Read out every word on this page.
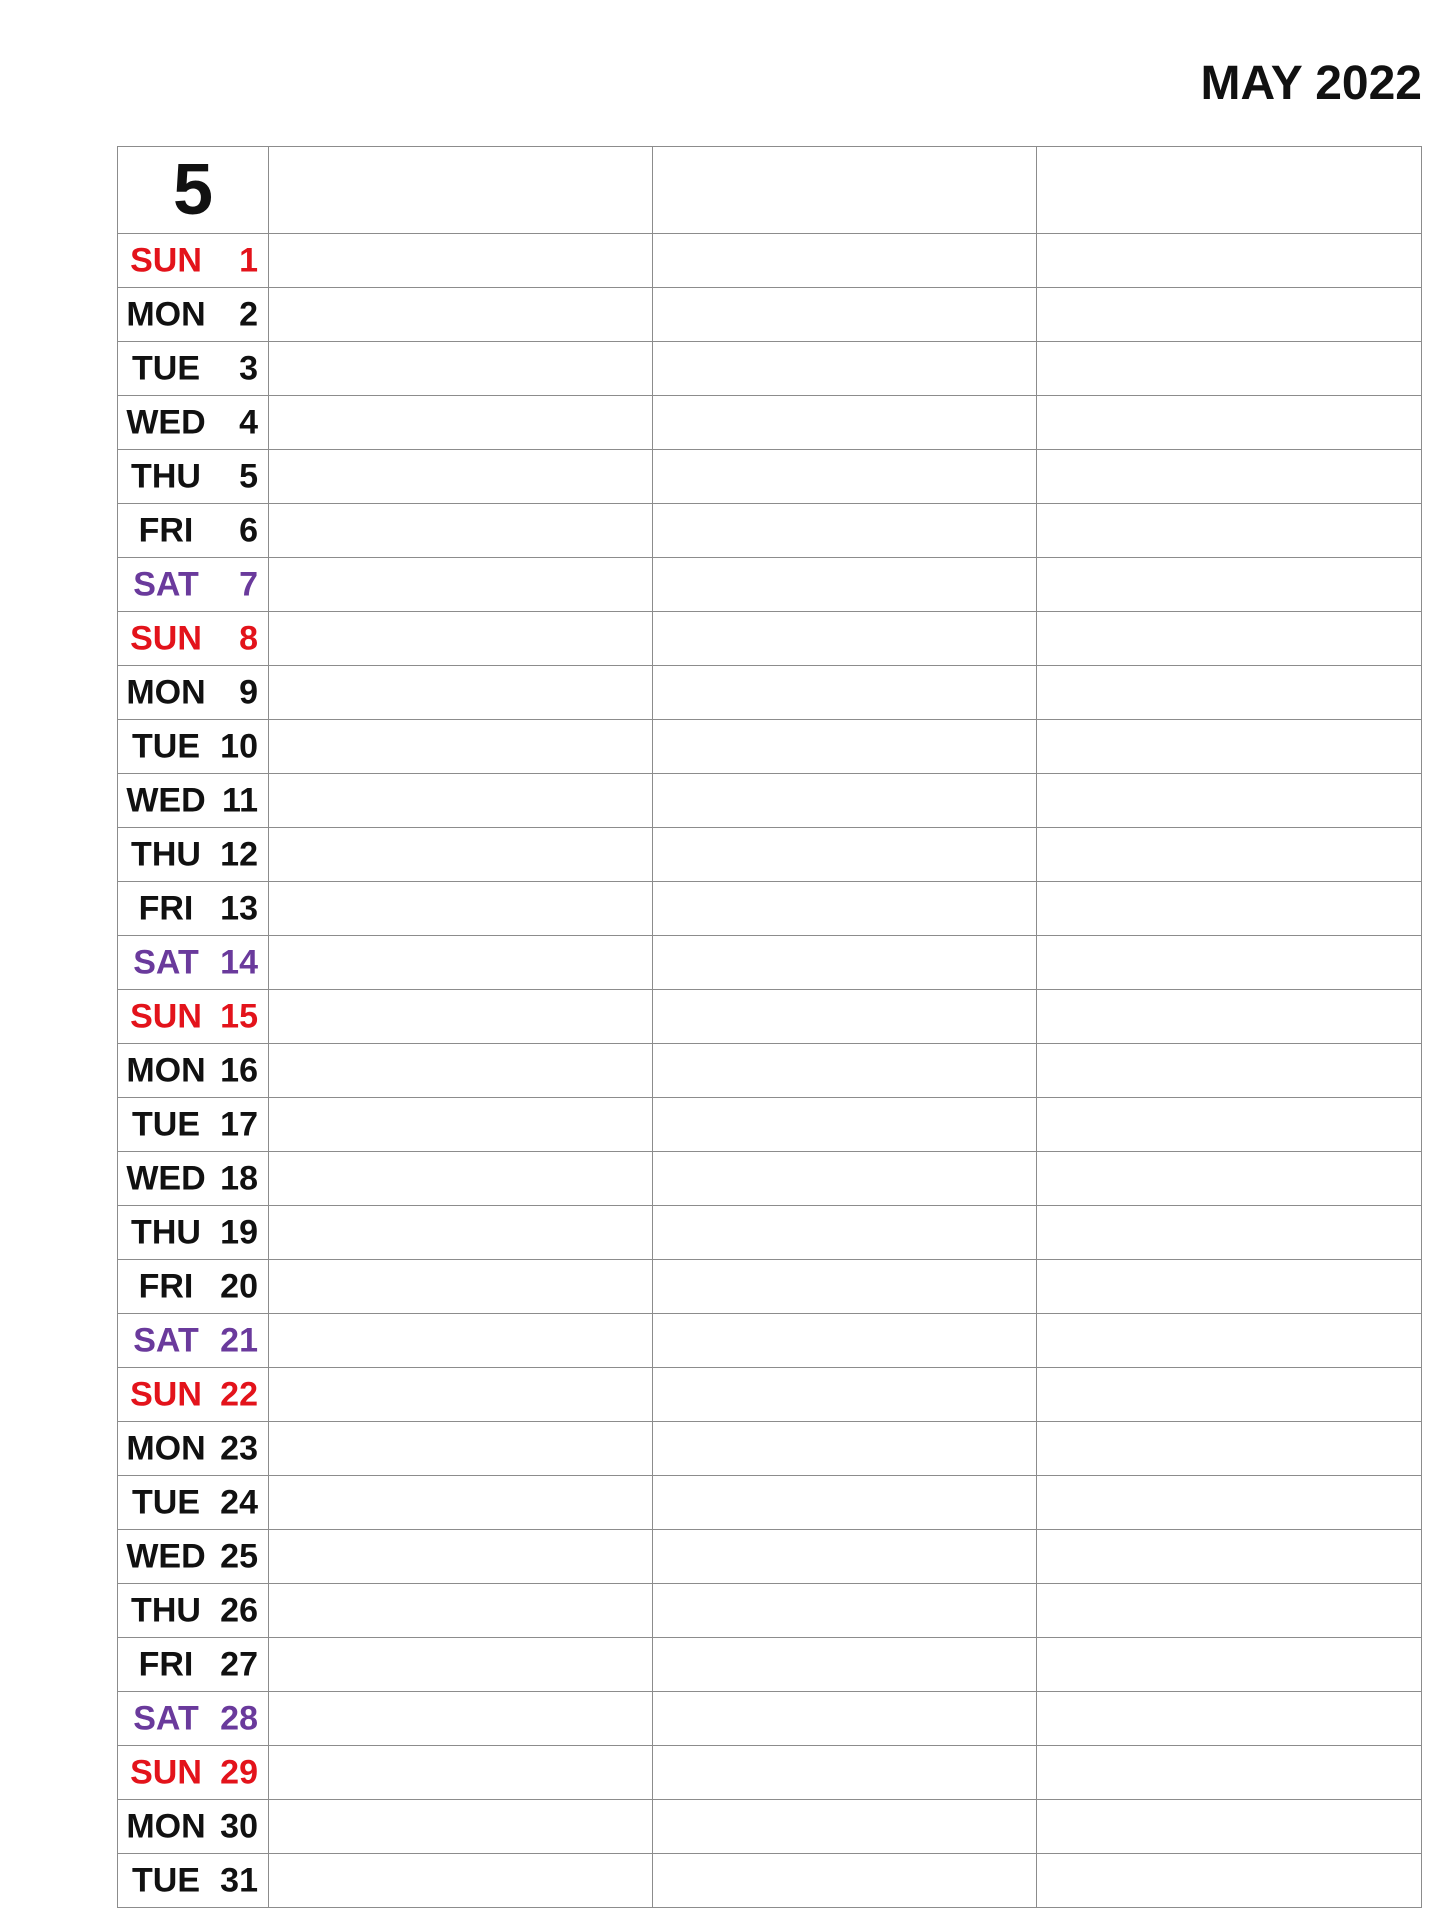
MAY 2022
5
SUN	1
MON 2
TUE	3
WED 4
THU	5
FRI	6
SAT	7
SUN	8
MON 9
TUE 10
WED 11
THU 12
FRI 13
SAT 14
SUN 15
MON 16
TUE 17
WED 18
THU 19
FRI 20
SAT 21
SUN 22
MON 23
TUE 24
WED 25
THU 26
FRI 27
SAT 28
SUN 29
MON 30
TUE 31
